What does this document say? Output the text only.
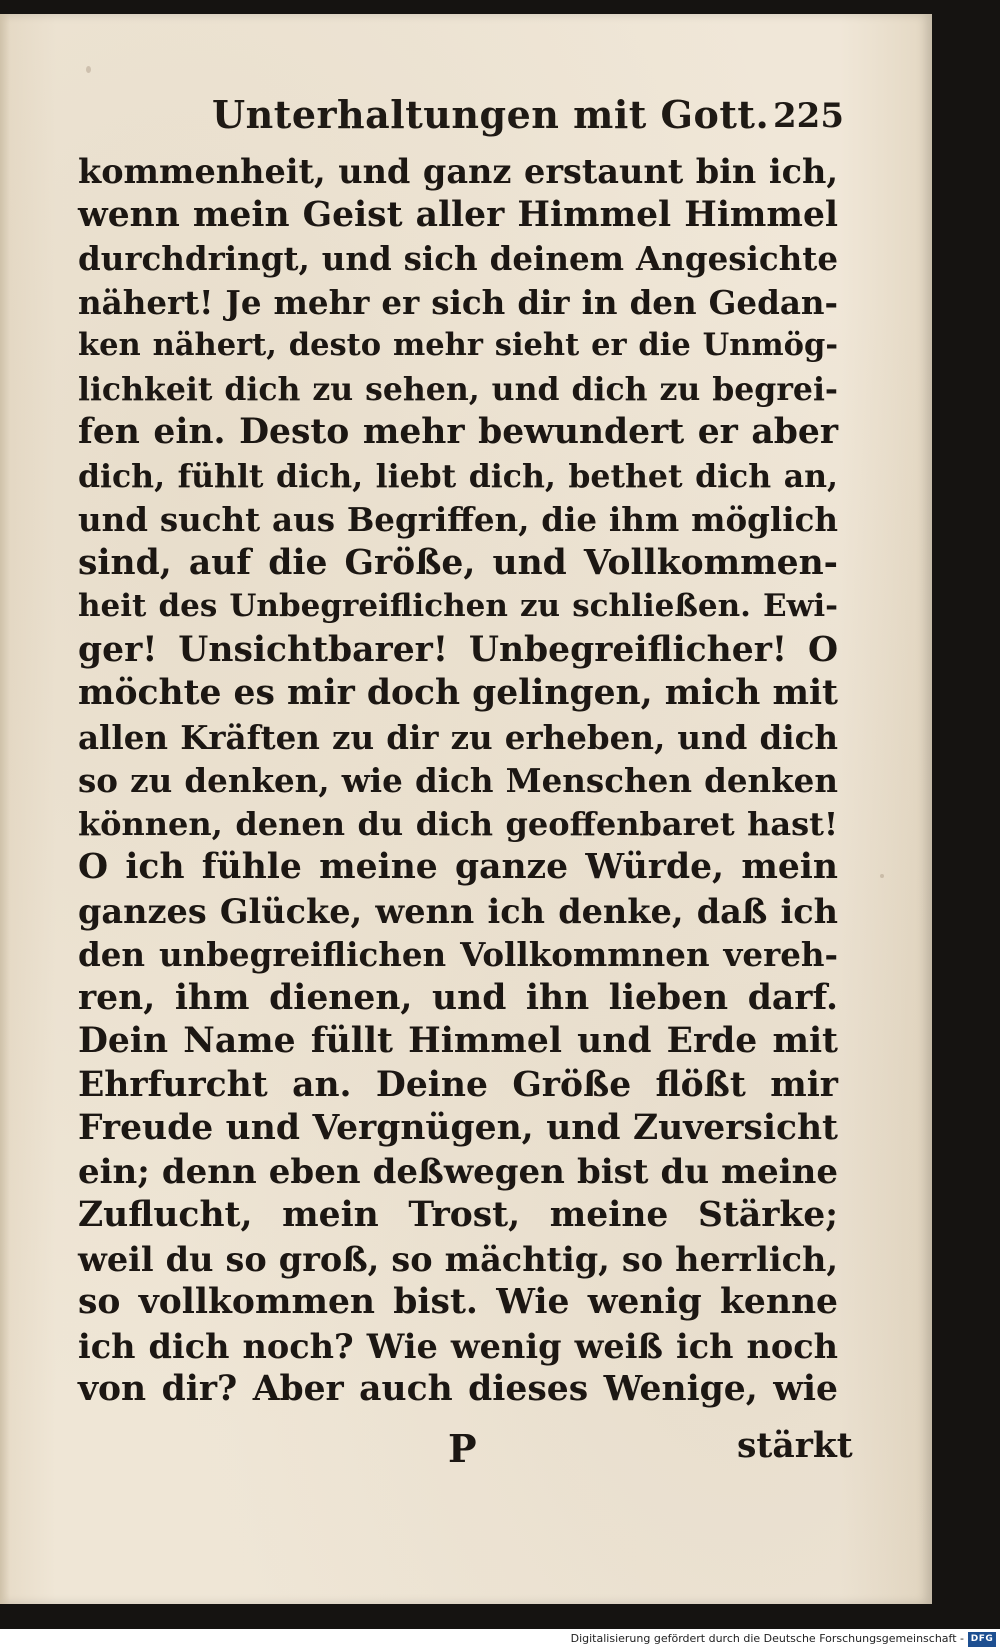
Unterhaltungen mit Gott. 225
kommenheit, und ganz erstaunt bin ich,
wenn mein Geist aller Himmel Himmel
durchdringt, und sich deinem Angesichte
nähert! Je mehr er sich dir in den Gedan-
ken nähert, desto mehr sieht er die Unmög-
lichkeit dich zu sehen, und dich zu begrei-
fen ein. Desto mehr bewundert er aber
dich, fühlt dich, liebt dich, bethet dich an,
und sucht aus Begriffen, die ihm möglich
sind, auf die Größe, und Vollkommen-
heit des Unbegreiflichen zu schließen. Ewi-
ger! Unsichtbarer! Unbegreiflicher! O
möchte es mir doch gelingen, mich mit
allen Kräften zu dir zu erheben, und dich
so zu denken, wie dich Menschen denken
können, denen du dich geoffenbaret hast!
O ich fühle meine ganze Würde, mein
ganzes Glücke, wenn ich denke, daß ich
den unbegreiflichen Vollkommnen vereh-
ren, ihm dienen, und ihn lieben darf.
Dein Name füllt Himmel und Erde mit
Ehrfurcht an. Deine Größe flößt mir
Freude und Vergnügen, und Zuversicht
ein; denn eben deßwegen bist du meine
Zuflucht, mein Trost, meine Stärke;
weil du so groß, so mächtig, so herrlich,
so vollkommen bist. Wie wenig kenne
ich dich noch? Wie wenig weiß ich noch
von dir? Aber auch dieses Wenige, wie
P	stärkt
Digitalisierung gefördert durch die Deutsche Forschungsgemeinschaft - DFG
